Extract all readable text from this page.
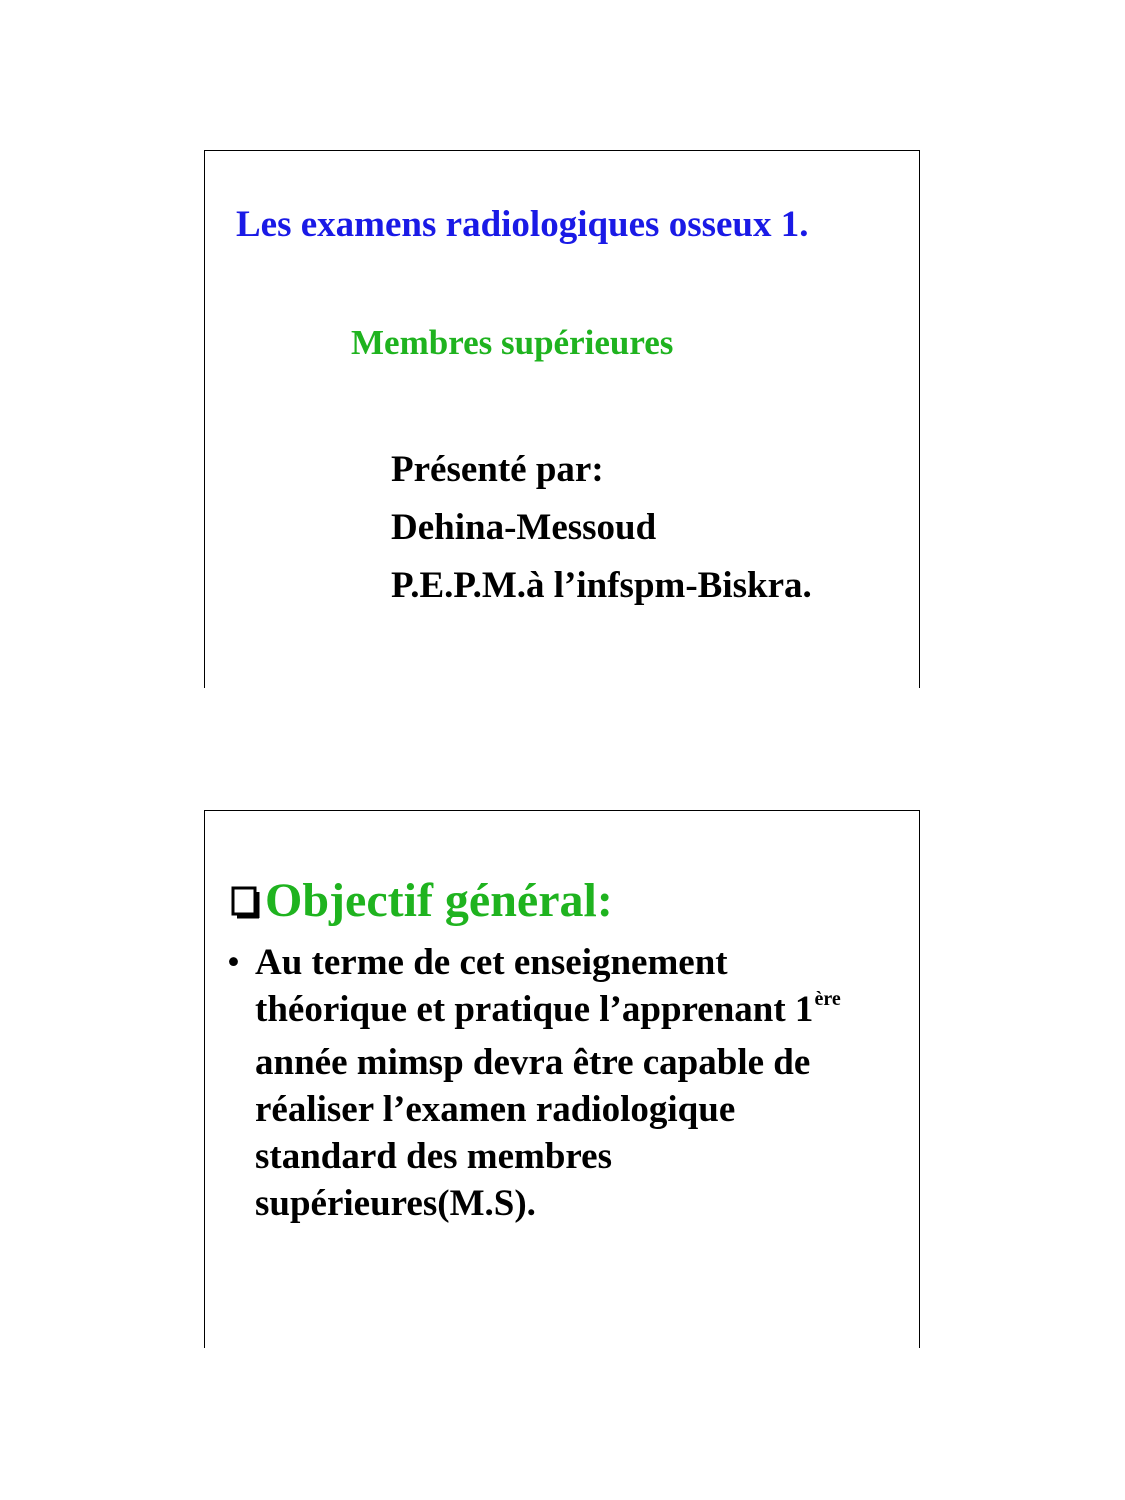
Les examens radiologiques osseux 1.
Membres supérieures
Présenté par:
Dehina-Messoud
P.E.P.M.à l’infspm-Biskra.
Objectif général:
• Au terme de cet enseignement
théorique et pratique l’apprenant 1ère
année mimsp devra être capable de
réaliser l’examen radiologique
standard des membres
supérieures(M.S).
